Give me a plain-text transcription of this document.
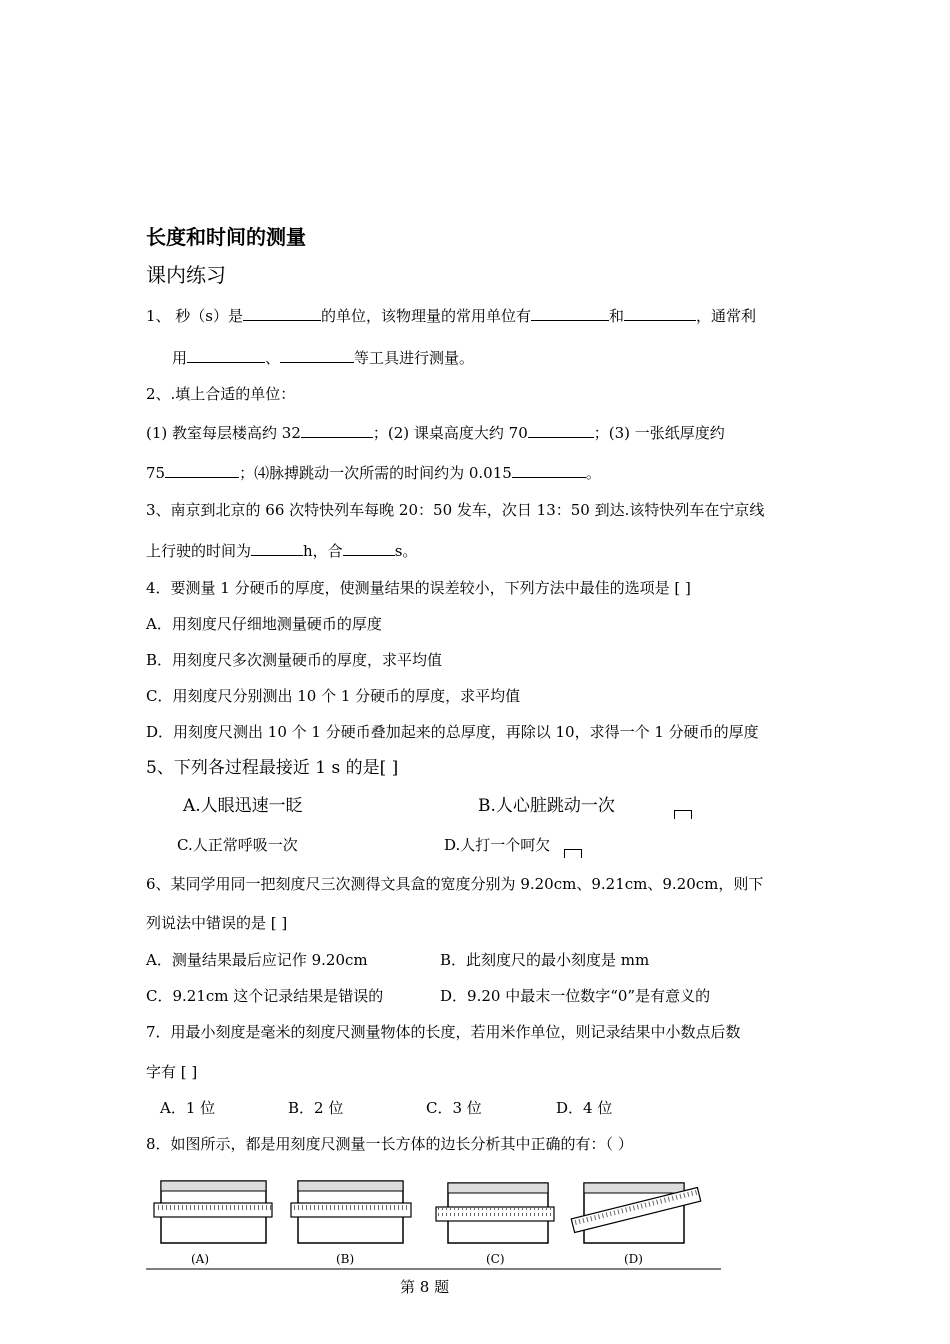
长度和时间的测量
课内练习
1、 秒（s）是	的单位，该物理量的常用单位有	和	，通常利
用	、	等工具进行测量。
2、.填上合适的单位：
(1) 教室每层楼高约 32	；(2) 课桌高度大约 70	；(3) 一张纸厚度约
75	；⑷脉搏跳动一次所需的时间约为 0.015	。
3、南京到北京的 66 次特快列车每晚 20：50 发车，次日 13：50 到达.该特快列车在宁京线
上行驶的时间为	h，合	s。
4．要测量 1 分硬币的厚度，使测量结果的误差较小，下列方法中最佳的选项是 [ ]
A．用刻度尺仔细地测量硬币的厚度
B．用刻度尺多次测量硬币的厚度，求平均值
C．用刻度尺分别测出 10 个 1 分硬币的厚度，求平均值
D．用刻度尺测出 10 个 1 分硬币叠加起来的总厚度，再除以 10，求得一个 1 分硬币的厚度
5、下列各过程最接近 1 s 的是[ ]
A.人眼迅速一眨	B.人心脏跳动一次
C.人正常呼吸一次	D.人打一个呵欠
6、某同学用同一把刻度尺三次测得文具盒的宽度分别为 9.20cm、9.21cm、9.20cm，则下
列说法中错误的是 [ ]
A．测量结果最后应记作 9.20cm	B．此刻度尺的最小刻度是 mm
C．9.21cm 这个记录结果是错误的	D．9.20 中最末一位数字“0”是有意义的
7．用最小刻度是毫米的刻度尺测量物体的长度，若用米作单位，则记录结果中小数点后数
字有 [ ]
A．1 位	B．2 位	C．3 位	D．4 位
8．如图所示，都是用刻度尺测量一长方体的边长分析其中正确的有：（ ）
(A)	(B)	(C)	(D)
第 8 题
